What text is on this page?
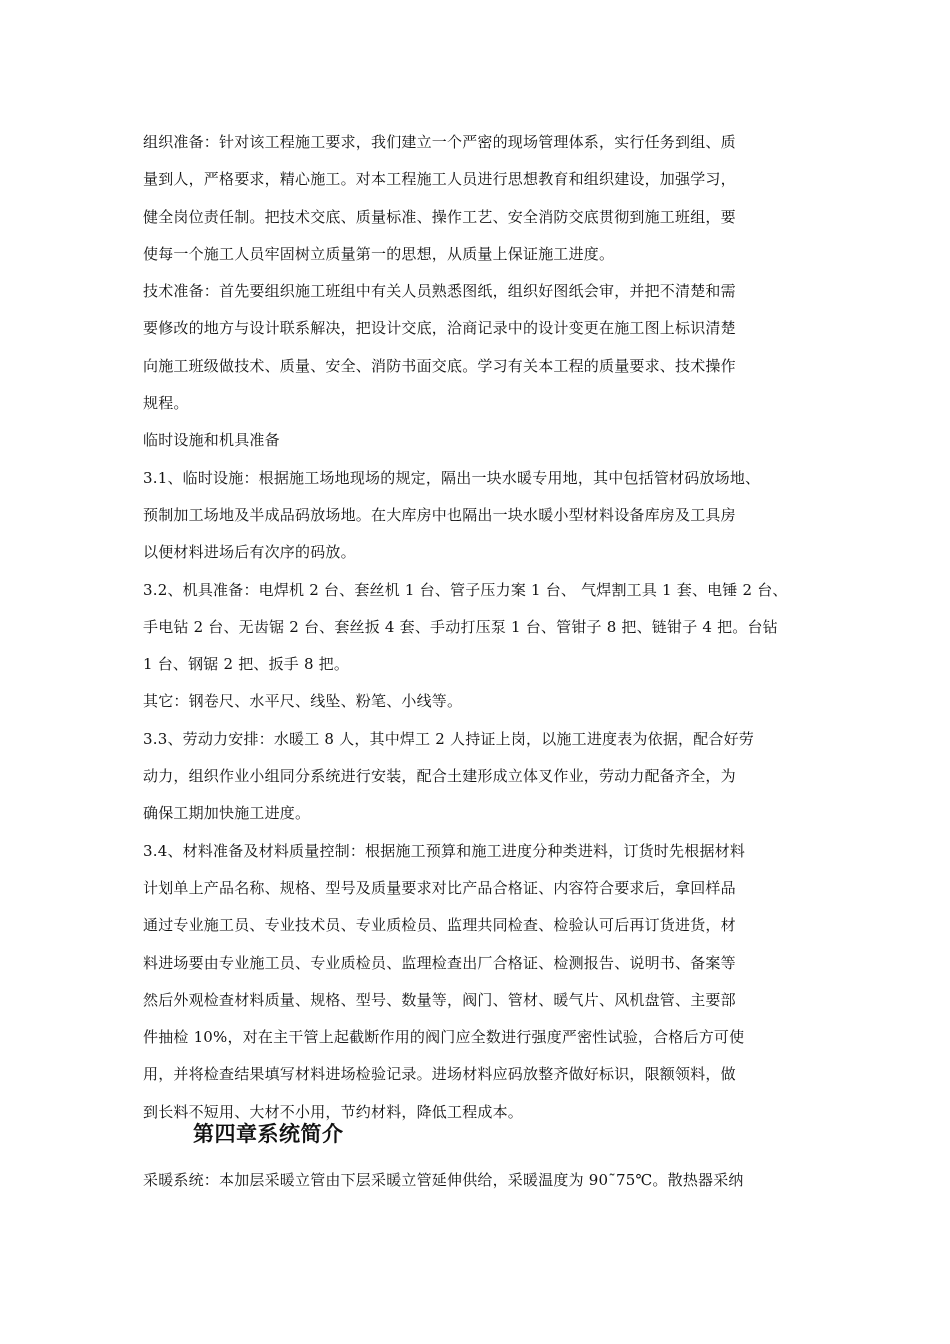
组织准备：针对该工程施工要求，我们建立一个严密的现场管理体系，实行任务到组、质
量到人，严格要求，精心施工。对本工程施工人员进行思想教育和组织建设，加强学习，
健全岗位责任制。把技术交底、质量标准、操作工艺、安全消防交底贯彻到施工班组，要
使每一个施工人员牢固树立质量第一的思想，从质量上保证施工进度。

技术准备：首先要组织施工班组中有关人员熟悉图纸，组织好图纸会审，并把不清楚和需
要修改的地方与设计联系解决，把设计交底，洽商记录中的设计变更在施工图上标识清楚
向施工班级做技术、质量、安全、消防书面交底。学习有关本工程的质量要求、技术操作
规程。

临时设施和机具准备

3.1、临时设施：根据施工场地现场的规定，隔出一块水暖专用地，其中包括管材码放场地、
预制加工场地及半成品码放场地。在大库房中也隔出一块水暖小型材料设备库房及工具房
以便材料进场后有次序的码放。

3.2、机具准备：电焊机 2 台、套丝机 1 台、管子压力案 1 台、 气焊割工具 1 套、电锤 2 台、
手电钻 2 台、无齿锯 2 台、套丝扳 4 套、手动打压泵 1 台、管钳子 8 把、链钳子 4 把。台钻
1 台、钢锯 2 把、扳手 8 把。

其它：钢卷尺、水平尺、线坠、粉笔、小线等。

3.3、劳动力安排：水暖工 8 人，其中焊工 2 人持证上岗，以施工进度表为依据，配合好劳
动力，组织作业小组同分系统进行安装，配合土建形成立体叉作业，劳动力配备齐全，为
确保工期加快施工进度。

3.4、材料准备及材料质量控制：根据施工预算和施工进度分种类进料，订货时先根据材料
计划单上产品名称、规格、型号及质量要求对比产品合格证、内容符合要求后，拿回样品
通过专业施工员、专业技术员、专业质检员、监理共同检查、检验认可后再订货进货，材
料进场要由专业施工员、专业质检员、监理检查出厂合格证、检测报告、说明书、备案等
然后外观检查材料质量、规格、型号、数量等，阀门、管材、暖气片、风机盘管、主要部
件抽检 10%，对在主干管上起截断作用的阀门应全数进行强度严密性试验，合格后方可使
用，并将检查结果填写材料进场检验记录。进场材料应码放整齐做好标识，限额领料，做
到长料不短用、大材不小用，节约材料，降低工程成本。

第四章系统简介

采暖系统：本加层采暖立管由下层采暖立管延伸供给，采暖温度为 90˜75℃。散热器采纳
